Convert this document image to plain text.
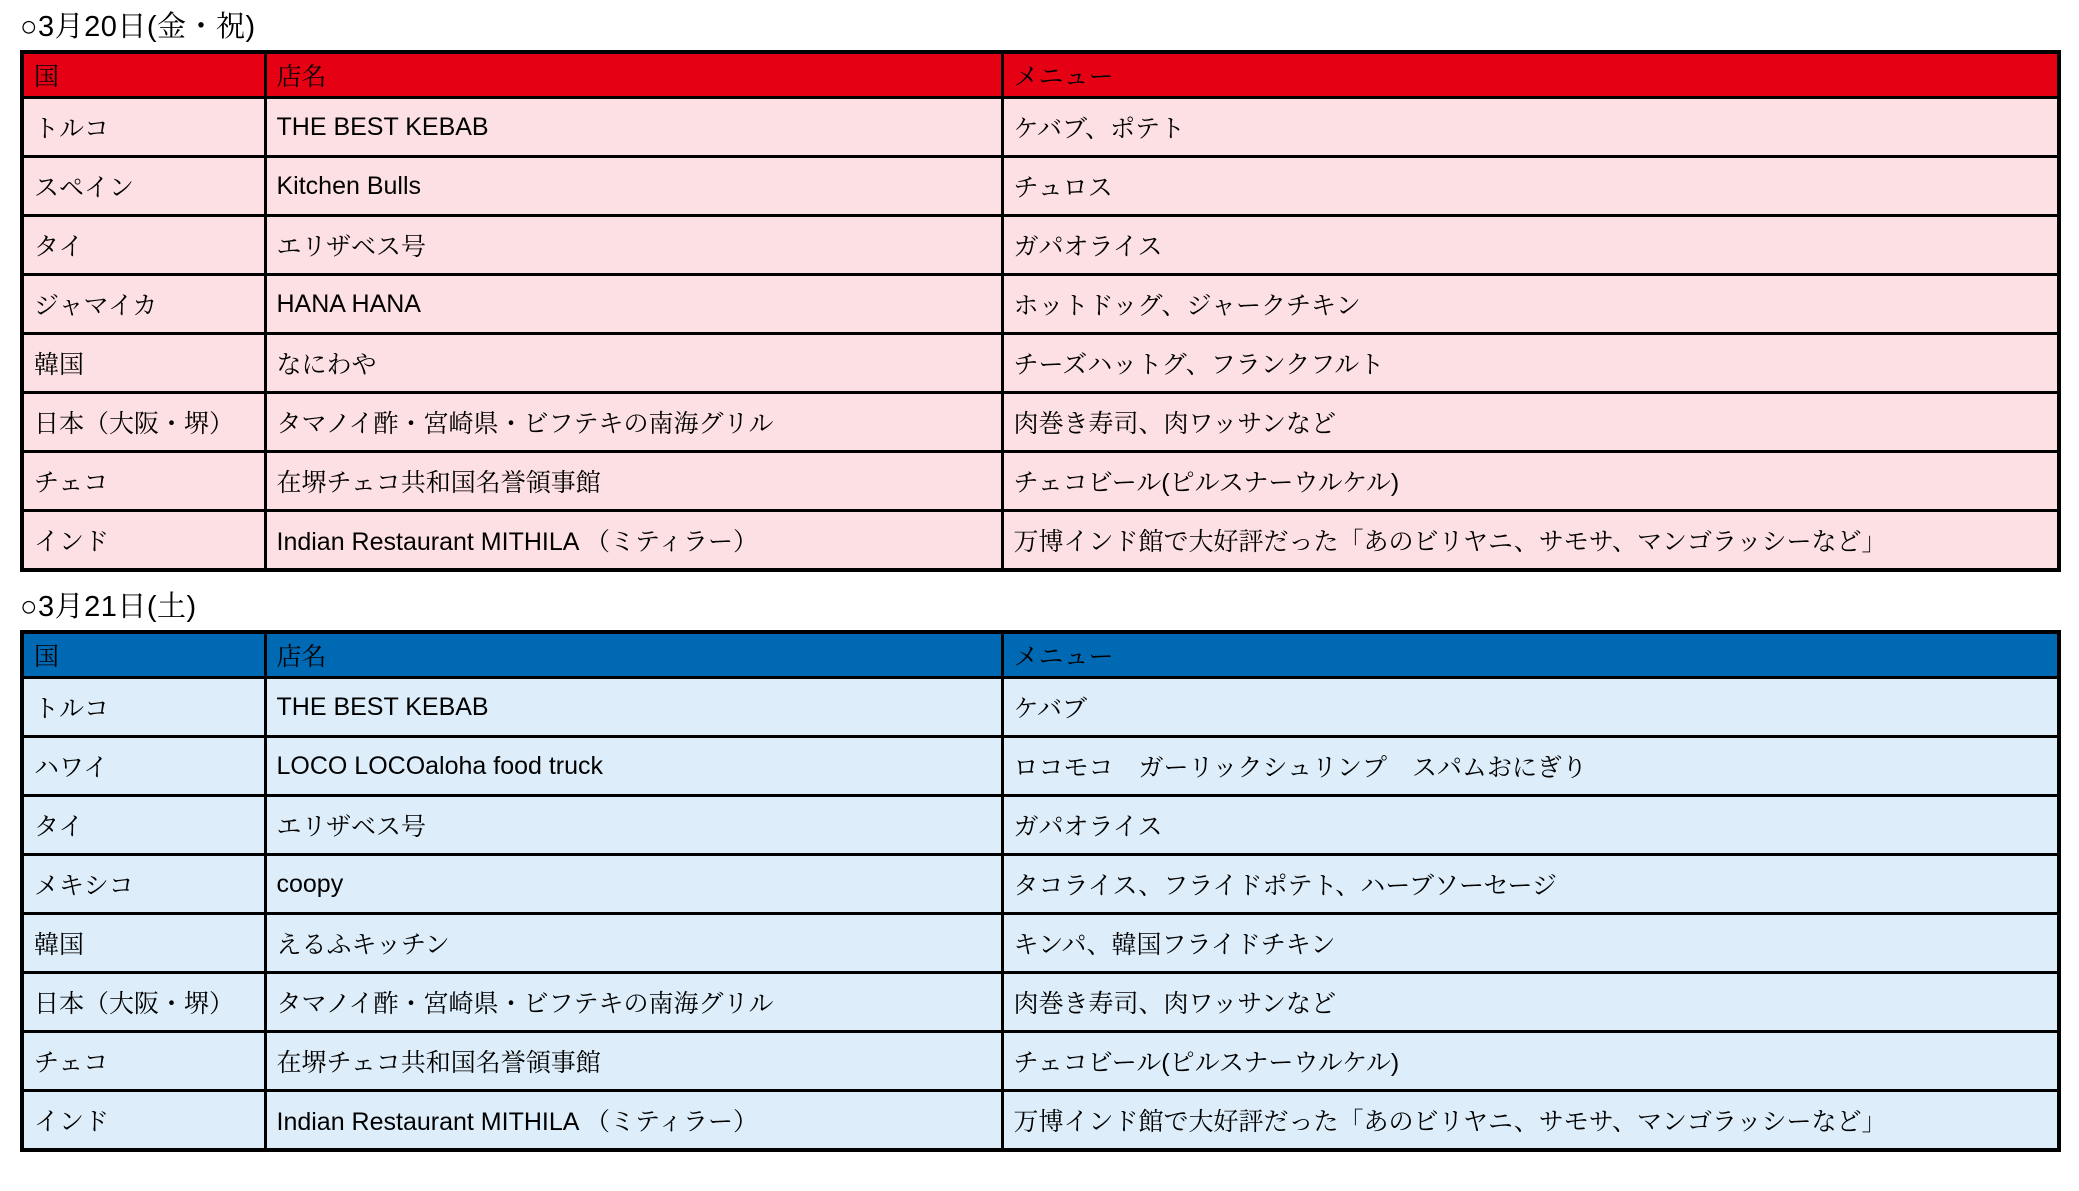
○3月20日(金・祝)
国	店名	メニュー
トルコ	THE BEST KEBAB	ケバブ、ポテト
スペイン	Kitchen Bulls	チュロス
タイ	エリザベス号	ガパオライス
ジャマイカ	HANA HANA	ホットドッグ、ジャークチキン
韓国	なにわや	チーズハットグ、フランクフルト
日本（大阪・堺）	タマノイ酢・宮崎県・ビフテキの南海グリル	肉巻き寿司、肉ワッサンなど
チェコ	在堺チェコ共和国名誉領事館	チェコビール(ピルスナーウルケル)
インド	Indian Restaurant MITHILA （ミティラー）	万博インド館で大好評だった「あのビリヤニ、サモサ、マンゴラッシーなど」
○3月21日(土)
国	店名	メニュー
トルコ	THE BEST KEBAB	ケバブ
ハワイ	LOCO LOCOaloha food truck	ロコモコ　ガーリックシュリンプ　スパムおにぎり
タイ	エリザベス号	ガパオライス
メキシコ	coopy	タコライス、フライドポテト、ハーブソーセージ
韓国	えるふキッチン	キンパ、韓国フライドチキン
日本（大阪・堺）	タマノイ酢・宮崎県・ビフテキの南海グリル	肉巻き寿司、肉ワッサンなど
チェコ	在堺チェコ共和国名誉領事館	チェコビール(ピルスナーウルケル)
インド	Indian Restaurant MITHILA （ミティラー）	万博インド館で大好評だった「あのビリヤニ、サモサ、マンゴラッシーなど」
